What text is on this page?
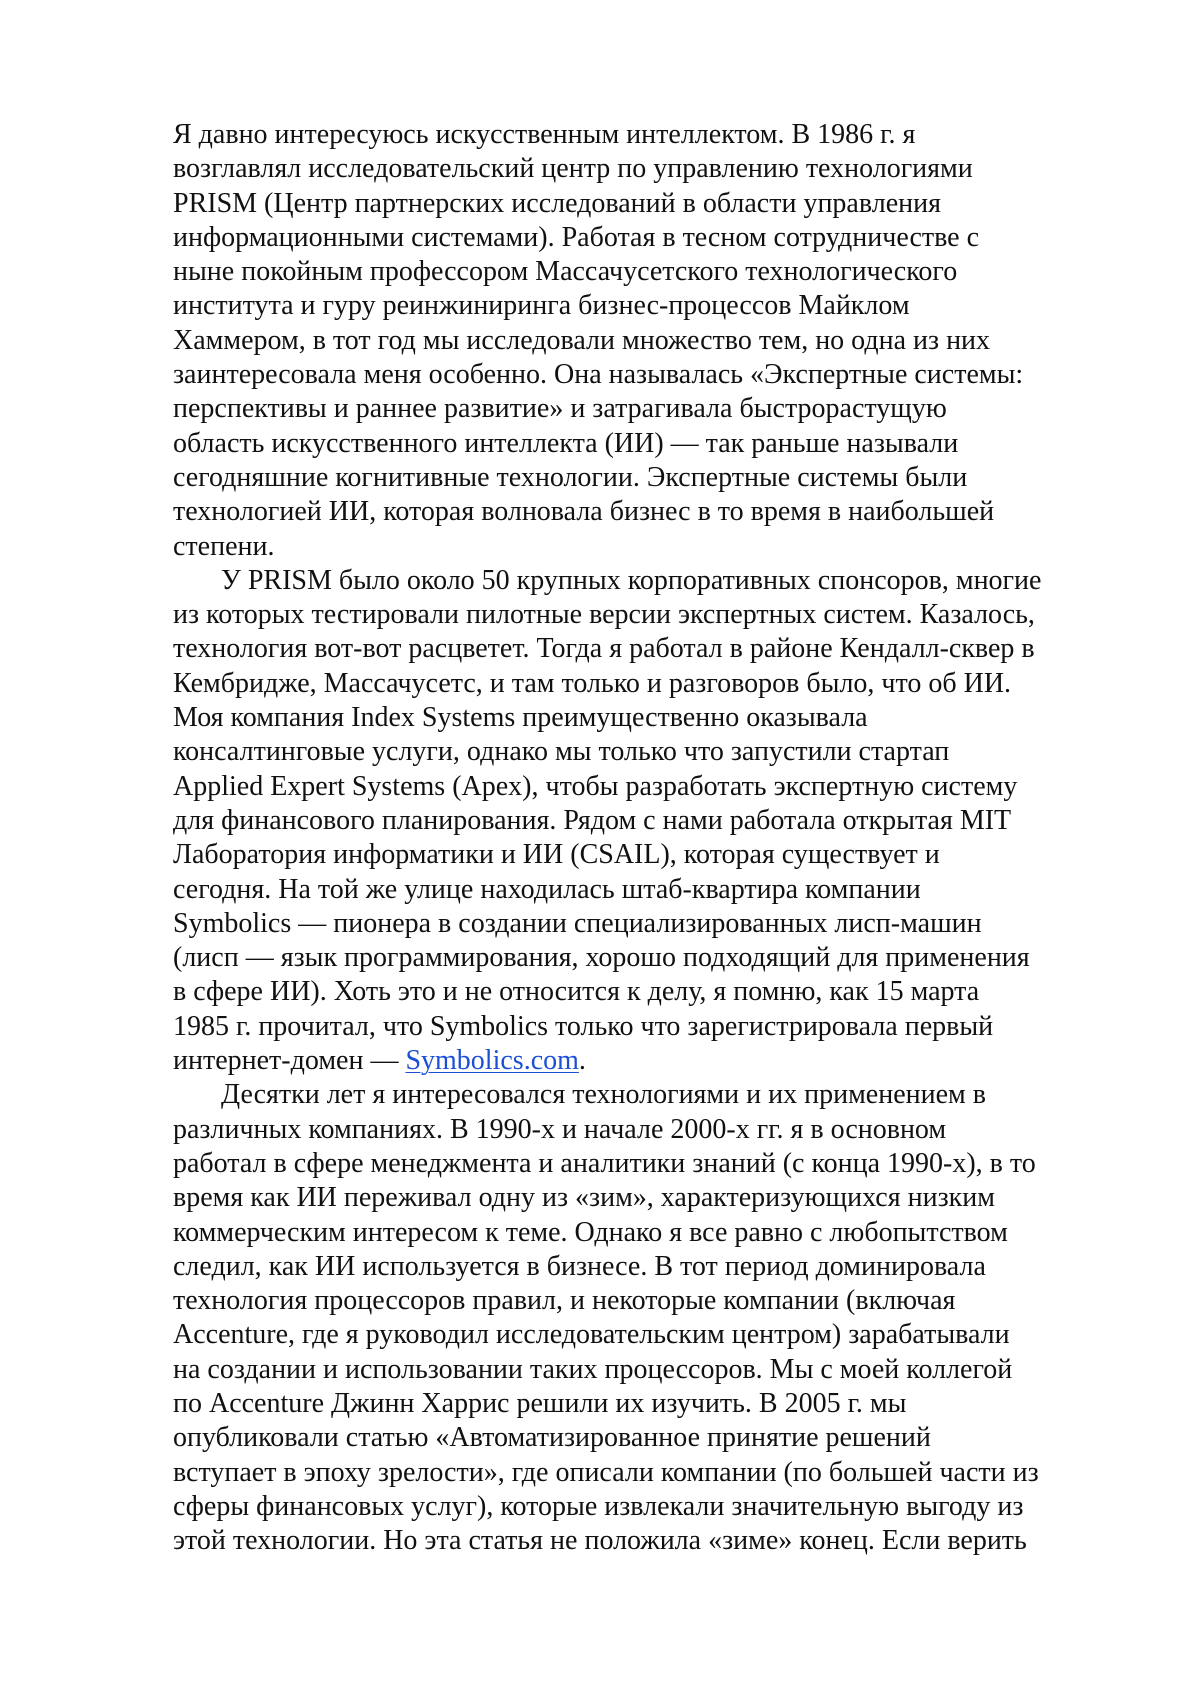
Я давно интересуюсь искусственным интеллектом. В 1986 г. я
возглавлял исследовательский центр по управлению технологиями
PRISM (Центр партнерских исследований в области управления
информационными системами). Работая в тесном сотрудничестве с
ныне покойным профессором Массачусетского технологического
института и гуру реинжиниринга бизнес-процессов Майклом
Хаммером, в тот год мы исследовали множество тем, но одна из них
заинтересовала меня особенно. Она называлась «Экспертные системы:
перспективы и раннее развитие» и затрагивала быстрорастущую
область искусственного интеллекта (ИИ) — так раньше называли
сегодняшние когнитивные технологии. Экспертные системы были
технологией ИИ, которая волновала бизнес в то время в наибольшей
степени.
У PRISM было около 50 крупных корпоративных спонсоров, многие
из которых тестировали пилотные версии экспертных систем. Казалось,
технология вот-вот расцветет. Тогда я работал в районе Кендалл-сквер в
Кембридже, Массачусетс, и там только и разговоров было, что об ИИ.
Моя компания Index Systems преимущественно оказывала
консалтинговые услуги, однако мы только что запустили стартап
Applied Expert Systems (Apex), чтобы разработать экспертную систему
для финансового планирования. Рядом с нами работала открытая MIT
Лаборатория информатики и ИИ (CSAIL), которая существует и
сегодня. На той же улице находилась штаб-квартира компании
Symbolics — пионера в создании специализированных лисп-машин
(лисп — язык программирования, хорошо подходящий для применения
в сфере ИИ). Хоть это и не относится к делу, я помню, как 15 марта
1985 г. прочитал, что Symbolics только что зарегистрировала первый
интернет-домен — Symbolics.com.
Десятки лет я интересовался технологиями и их применением в
различных компаниях. В 1990-х и начале 2000-х гг. я в основном
работал в сфере менеджмента и аналитики знаний (с конца 1990-х), в то
время как ИИ переживал одну из «зим», характеризующихся низким
коммерческим интересом к теме. Однако я все равно с любопытством
следил, как ИИ используется в бизнесе. В тот период доминировала
технология процессоров правил, и некоторые компании (включая
Accenture, где я руководил исследовательским центром) зарабатывали
на создании и использовании таких процессоров. Мы с моей коллегой
по Accenture Джинн Харрис решили их изучить. В 2005 г. мы
опубликовали статью «Автоматизированное принятие решений
вступает в эпоху зрелости», где описали компании (по большей части из
сферы финансовых услуг), которые извлекали значительную выгоду из
этой технологии. Но эта статья не положила «зиме» конец. Если верить
